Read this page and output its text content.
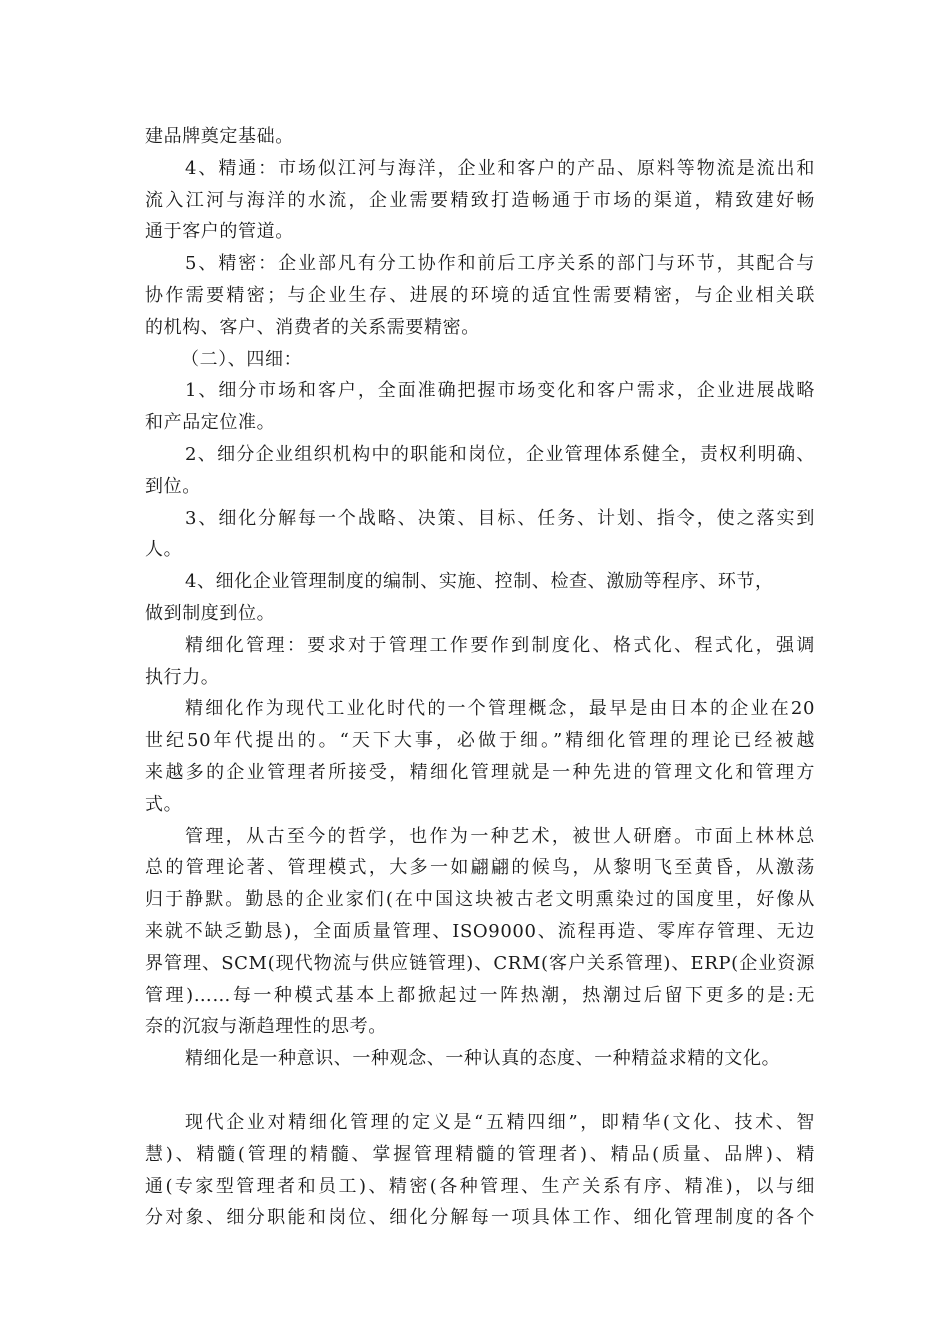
建品牌奠定基础。
4、精通：市场似江河与海洋，企业和客户的产品、原料等物流是流出和
流入江河与海洋的水流，企业需要精致打造畅通于市场的渠道，精致建好畅
通于客户的管道。
5、精密：企业部凡有分工协作和前后工序关系的部门与环节，其配合与
协作需要精密；与企业生存、进展的环境的适宜性需要精密，与企业相关联
的机构、客户、消费者的关系需要精密。
（二）、四细：
1、细分市场和客户，全面准确把握市场变化和客户需求，企业进展战略
和产品定位准。
2、细分企业组织机构中的职能和岗位，企业管理体系健全，责权利明确、
到位。
3、细化分解每一个战略、决策、目标、任务、计划、指令，使之落实到
人。
4、细化企业管理制度的编制、实施、控制、检查、激励等程序、环节，
做到制度到位。
精细化管理：要求对于管理工作要作到制度化、格式化、程式化，强调
执行力。
精细化作为现代工业化时代的一个管理概念，最早是由日本的企业在20
世纪50年代提出的。“天下大事，必做于细。”精细化管理的理论已经被越
来越多的企业管理者所接受，精细化管理就是一种先进的管理文化和管理方
式。
管理，从古至今的哲学，也作为一种艺术，被世人研磨。市面上林林总
总的管理论著、管理模式，大多一如翩翩的候鸟，从黎明飞至黄昏，从激荡
归于静默。勤恳的企业家们(在中国这块被古老文明熏染过的国度里，好像从
来就不缺乏勤恳)，全面质量管理、ISO9000、流程再造、零库存管理、无边
界管理、SCM(现代物流与供应链管理)、CRM(客户关系管理)、ERP(企业资源
管理)……每一种模式基本上都掀起过一阵热潮，热潮过后留下更多的是:无
奈的沉寂与渐趋理性的思考。
精细化是一种意识、一种观念、一种认真的态度、一种精益求精的文化。
现代企业对精细化管理的定义是“五精四细”，即精华(文化、技术、智
慧)、精髓(管理的精髓、掌握管理精髓的管理者)、精品(质量、品牌)、精
通(专家型管理者和员工)、精密(各种管理、生产关系有序、精准)，以与细
分对象、细分职能和岗位、细化分解每一项具体工作、细化管理制度的各个
